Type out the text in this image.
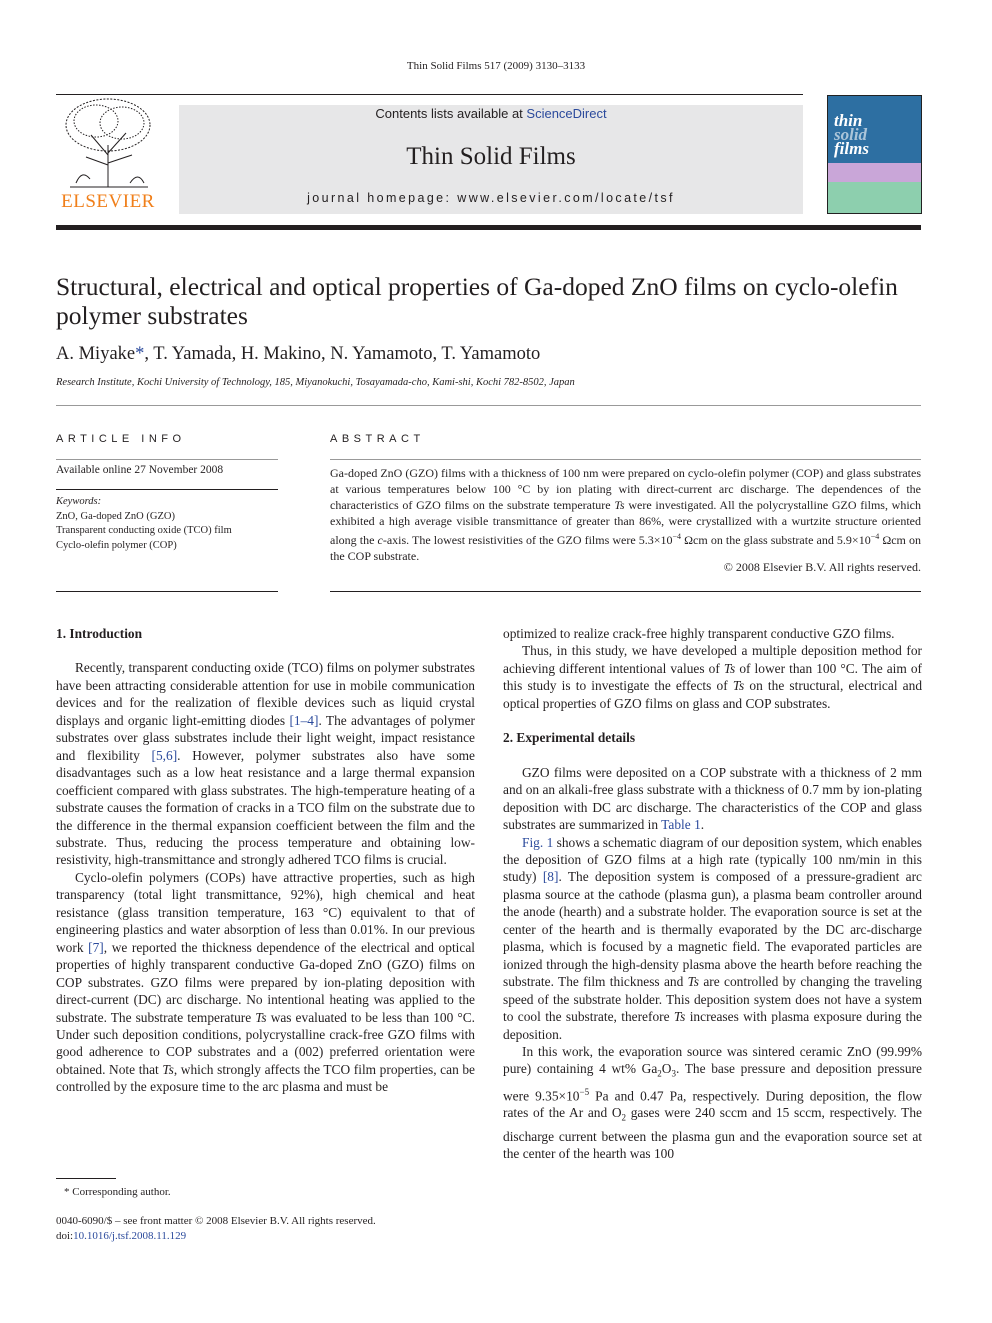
Thin Solid Films 517 (2009) 3130–3133
ELSEVIER
Contents lists available at ScienceDirect
Thin Solid Films
journal homepage: www.elsevier.com/locate/tsf
thin
solid
films
Structural, electrical and optical properties of Ga-doped ZnO films on cyclo-olefin polymer substrates
A. Miyake*, T. Yamada, H. Makino, N. Yamamoto, T. Yamamoto
Research Institute, Kochi University of Technology, 185, Miyanokuchi, Tosayamada-cho, Kami-shi, Kochi 782-8502, Japan
ARTICLE INFO	ABSTRACT
Available online 27 November 2008
Keywords:
ZnO, Ga-doped ZnO (GZO)
Transparent conducting oxide (TCO) film
Cyclo-olefin polymer (COP)
Ga-doped ZnO (GZO) films with a thickness of 100 nm were prepared on cyclo-olefin polymer (COP) and glass substrates at various temperatures below 100 °C by ion plating with direct-current arc discharge. The dependences of the characteristics of GZO films on the substrate temperature Ts were investigated. All the polycrystalline GZO films, which exhibited a high average visible transmittance of greater than 86%, were crystallized with a wurtzite structure oriented along the c-axis. The lowest resistivities of the GZO films were $5.3\times 10^{-4}$ Ωcm on the glass substrate and $5.9\times 10^{-4}$ Ωcm on the COP substrate.
© 2008 Elsevier B.V. All rights reserved.
1. Introduction

Recently, transparent conducting oxide (TCO) films on polymer substrates have been attracting considerable attention for use in mobile communication devices and for the realization of flexible devices such as liquid crystal displays and organic light-emitting diodes [1–4]. The advantages of polymer substrates over glass substrates include their light weight, impact resistance and flexibility [5,6]. However, polymer substrates also have some disadvantages such as a low heat resistance and a large thermal expansion coefficient compared with glass substrates. The high-temperature heating of a substrate causes the formation of cracks in a TCO film on the substrate due to the difference in the thermal expansion coefficient between the film and the substrate. Thus, reducing the process temperature and obtaining low-resistivity, high-transmittance and strongly adhered TCO films is crucial.

Cyclo-olefin polymers (COPs) have attractive properties, such as high transparency (total light transmittance, 92%), high chemical and heat resistance (glass transition temperature, 163 °C) equivalent to that of engineering plastics and water absorption of less than 0.01%. In our previous work [7], we reported the thickness dependence of the electrical and optical properties of highly transparent conductive Ga-doped ZnO (GZO) films on COP substrates. GZO films were prepared by ion-plating deposition with direct-current (DC) arc discharge. No intentional heating was applied to the substrate. The substrate temperature Ts was evaluated to be less than 100 °C. Under such deposition conditions, polycrystalline crack-free GZO films with good adherence to COP substrates and a (002) preferred orientation were obtained. Note that Ts, which strongly affects the TCO film properties, can be controlled by the exposure time to the arc plasma and must be

optimized to realize crack-free highly transparent conductive GZO films.

Thus, in this study, we have developed a multiple deposition method for achieving different intentional values of Ts of lower than 100 °C. The aim of this study is to investigate the effects of Ts on the structural, electrical and optical properties of GZO films on glass and COP substrates.

2. Experimental details

GZO films were deposited on a COP substrate with a thickness of 2 mm and on an alkali-free glass substrate with a thickness of 0.7 mm by ion-plating deposition with DC arc discharge. The characteristics of the COP and glass substrates are summarized in Table 1.

Fig. 1 shows a schematic diagram of our deposition system, which enables the deposition of GZO films at a high rate (typically 100 nm/min in this study) [8]. The deposition system is composed of a pressure-gradient arc plasma source at the cathode (plasma gun), a plasma beam controller around the anode (hearth) and a substrate holder. The evaporation source is set at the center of the hearth and is thermally evaporated by the DC arc-discharge plasma, which is focused by a magnetic field. The evaporated particles are ionized through the high-density plasma above the hearth before reaching the substrate. The film thickness and Ts are controlled by changing the traveling speed of the substrate holder. This deposition system does not have a system to cool the substrate, therefore Ts increases with plasma exposure during the deposition.

In this work, the evaporation source was sintered ceramic ZnO (99.99% pure) containing 4 wt% $Ga_2O_3$. The base pressure and deposition pressure were $9.35\times 10^{-5}$ Pa and 0.47 Pa, respectively. During deposition, the flow rates of the Ar and $O_2$ gases were 240 sccm and 15 sccm, respectively. The discharge current between the plasma gun and the evaporation source set at the center of the hearth was 100

* Corresponding author.
0040-6090/$ – see front matter © 2008 Elsevier B.V. All rights reserved.
doi:10.1016/j.tsf.2008.11.129
